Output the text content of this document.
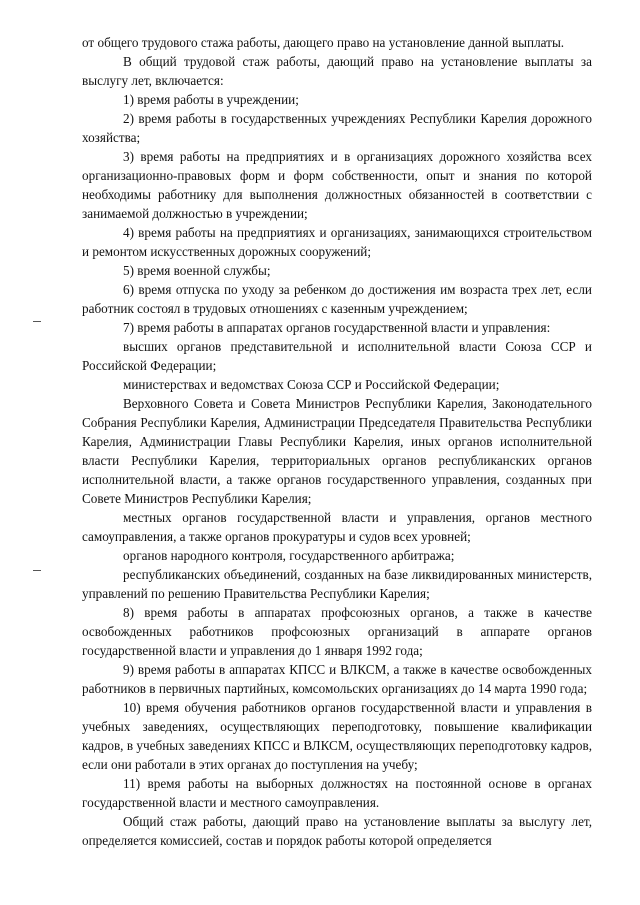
от общего трудового стажа работы, дающего право на установление данной выплаты.

В общий трудовой стаж работы, дающий право на установление выплаты за выслугу лет, включается:

1) время работы в учреждении;

2) время работы в государственных учреждениях Республики Карелия дорожного хозяйства;

3) время работы на предприятиях и в организациях дорожного хозяйства всех организационно-правовых форм и форм собственности, опыт и знания по которой необходимы работнику для выполнения должностных обязанностей в соответствии с занимаемой должностью в учреждении;

4) время работы на предприятиях и организациях, занимающихся строительством и ремонтом искусственных дорожных сооружений;

5) время военной службы;

6) время отпуска по уходу за ребенком до достижения им возраста трех лет, если работник состоял в трудовых отношениях с казенным учреждением;

7) время работы в аппаратах органов государственной власти и управления:

высших органов представительной и исполнительной власти Союза ССР и Российской Федерации;

министерствах и ведомствах Союза ССР и Российской Федерации;

Верховного Совета и Совета Министров Республики Карелия, Законодательного Собрания Республики Карелия, Администрации Председателя Правительства Республики Карелия, Администрации Главы Республики Карелия, иных органов исполнительной власти Республики Карелия, территориальных органов республиканских органов исполнительной власти, а также органов государственного управления, созданных при Совете Министров Республики Карелия;

местных органов государственной власти и управления, органов местного самоуправления, а также органов прокуратуры и судов всех уровней;

органов народного контроля, государственного арбитража;

республиканских объединений, созданных на базе ликвидированных министерств, управлений по решению Правительства Республики Карелия;

8) время работы в аппаратах профсоюзных органов, а также в качестве освобожденных работников профсоюзных организаций в аппарате органов государственной власти и управления до 1 января 1992 года;

9) время работы в аппаратах КПСС и ВЛКСМ, а также в качестве освобожденных работников в первичных партийных, комсомольских организациях до 14 марта 1990 года;

10) время обучения работников органов государственной власти и управления в учебных заведениях, осуществляющих переподготовку, повышение квалификации кадров, в учебных заведениях КПСС и ВЛКСМ, осуществляющих переподготовку кадров, если они работали в этих органах до поступления на учебу;

11) время работы на выборных должностях на постоянной основе в органах государственной власти и местного самоуправления.

Общий стаж работы, дающий право на установление выплаты за выслугу лет, определяется комиссией, состав и порядок работы которой определяется
